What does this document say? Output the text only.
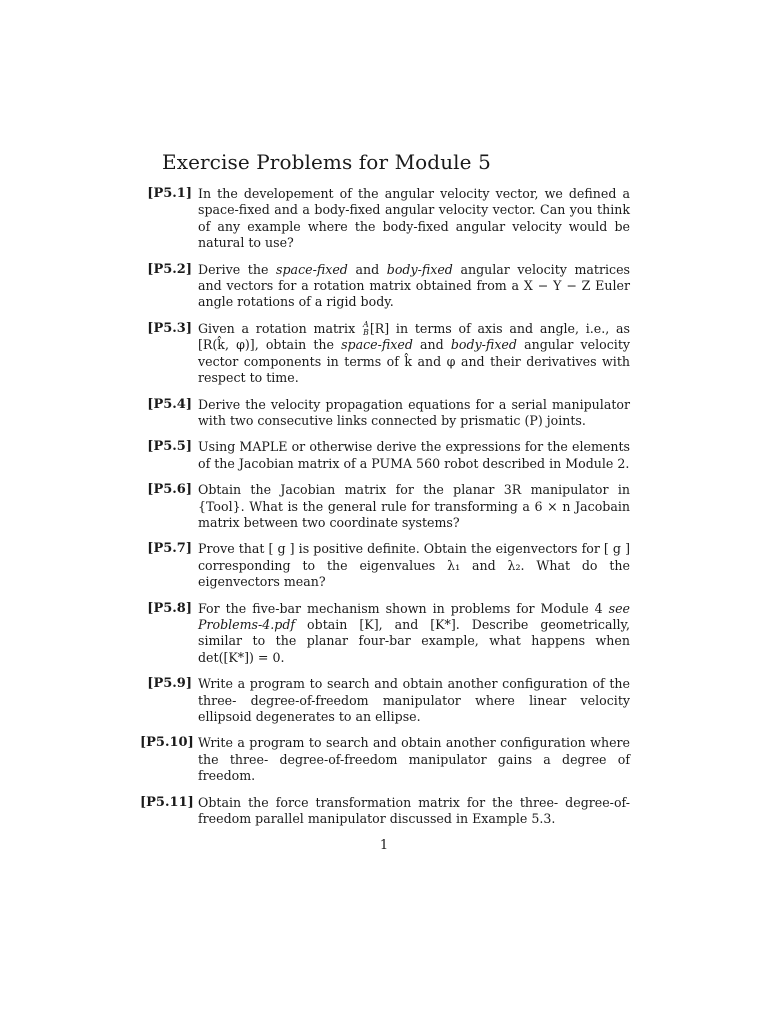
Exercise Problems for Module 5
[P5.1] In the developement of the angular velocity vector, we defined a space-fixed and a body-fixed angular velocity vector. Can you think of any example where the body-fixed angular velocity would be natural to use?
[P5.2] Derive the space-fixed and body-fixed angular velocity matrices and vectors for a rotation matrix obtained from a X − Y − Z Euler angle rotations of a rigid body.
[P5.3] Given a rotation matrix A
B[R] in terms of axis and angle, i.e., as [R(k̂, φ)], obtain the space-fixed and body-fixed angular velocity vector components in terms of k̂ and φ and their derivatives with respect to time.
[P5.4] Derive the velocity propagation equations for a serial manipulator with two consecutive links connected by prismatic (P) joints.
[P5.5] Using MAPLE or otherwise derive the expressions for the elements of the Jacobian matrix of a PUMA 560 robot described in Module 2.
[P5.6] Obtain the Jacobian matrix for the planar 3R manipulator in {Tool}. What is the general rule for transforming a 6 × n Jacobain matrix between two coordinate systems?
[P5.7] Prove that [ g ] is positive definite. Obtain the eigenvectors for [ g ] corresponding to the eigenvalues λ₁ and λ₂. What do the eigenvectors mean?
[P5.8] For the five-bar mechanism shown in problems for Module 4 see Problems-4.pdf obtain [K], and [K*]. Describe geometrically, similar to the planar four-bar example, what happens when det([K*]) = 0.
[P5.9] Write a program to search and obtain another configuration of the three- degree-of-freedom manipulator where linear velocity ellipsoid degenerates to an ellipse.
[P5.10] Write a program to search and obtain another configuration where the three- degree-of-freedom manipulator gains a degree of freedom.
[P5.11] Obtain the force transformation matrix for the three- degree-of-freedom parallel manipulator discussed in Example 5.3.
1
